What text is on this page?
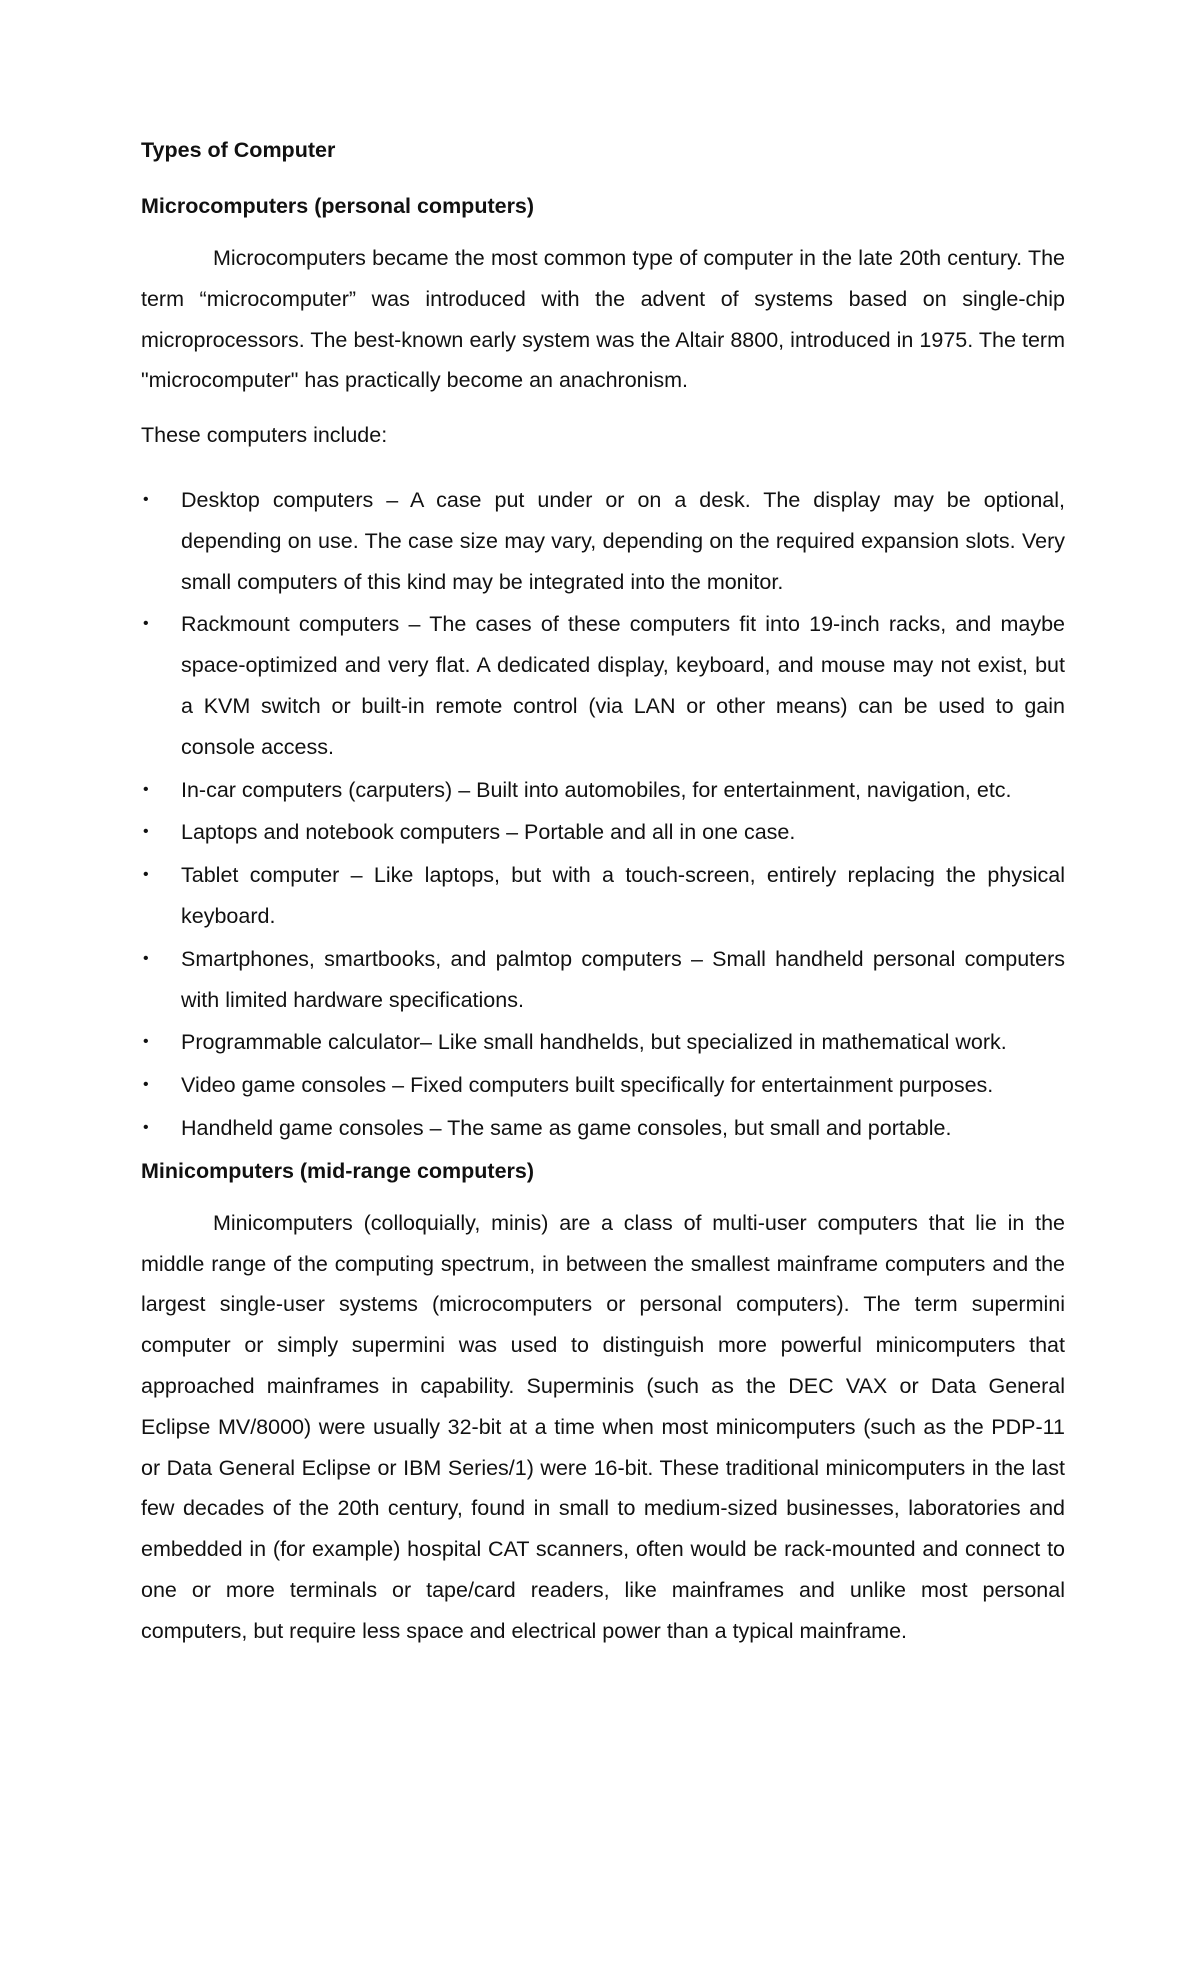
Types of Computer
Microcomputers (personal computers)

Microcomputers became the most common type of computer in the late 20th century. The term “microcomputer” was introduced with the advent of systems based on single-chip microprocessors. The best-known early system was the Altair 8800, introduced in 1975. The term "microcomputer" has practically become an anachronism.

These computers include:

• Desktop computers – A case put under or on a desk. The display may be optional, depending on use. The case size may vary, depending on the required expansion slots. Very small computers of this kind may be integrated into the monitor.
• Rackmount computers – The cases of these computers fit into 19-inch racks, and maybe space-optimized and very flat. A dedicated display, keyboard, and mouse may not exist, but a KVM switch or built-in remote control (via LAN or other means) can be used to gain console access.
• In-car computers (carputers) – Built into automobiles, for entertainment, navigation, etc.
• Laptops and notebook computers – Portable and all in one case.
• Tablet computer – Like laptops, but with a touch-screen, entirely replacing the physical keyboard.
• Smartphones, smartbooks, and palmtop computers – Small handheld personal computers with limited hardware specifications.
• Programmable calculator– Like small handhelds, but specialized in mathematical work.
• Video game consoles – Fixed computers built specifically for entertainment purposes.
• Handheld game consoles – The same as game consoles, but small and portable.
Minicomputers (mid-range computers)

Minicomputers (colloquially, minis) are a class of multi-user computers that lie in the middle range of the computing spectrum, in between the smallest mainframe computers and the largest single-user systems (microcomputers or personal computers). The term supermini computer or simply supermini was used to distinguish more powerful minicomputers that approached mainframes in capability. Superminis (such as the DEC VAX or Data General Eclipse MV/8000) were usually 32-bit at a time when most minicomputers (such as the PDP-11 or Data General Eclipse or IBM Series/1) were 16-bit. These traditional minicomputers in the last few decades of the 20th century, found in small to medium-sized businesses, laboratories and embedded in (for example) hospital CAT scanners, often would be rack-mounted and connect to one or more terminals or tape/card readers, like mainframes and unlike most personal computers, but require less space and electrical power than a typical mainframe.
